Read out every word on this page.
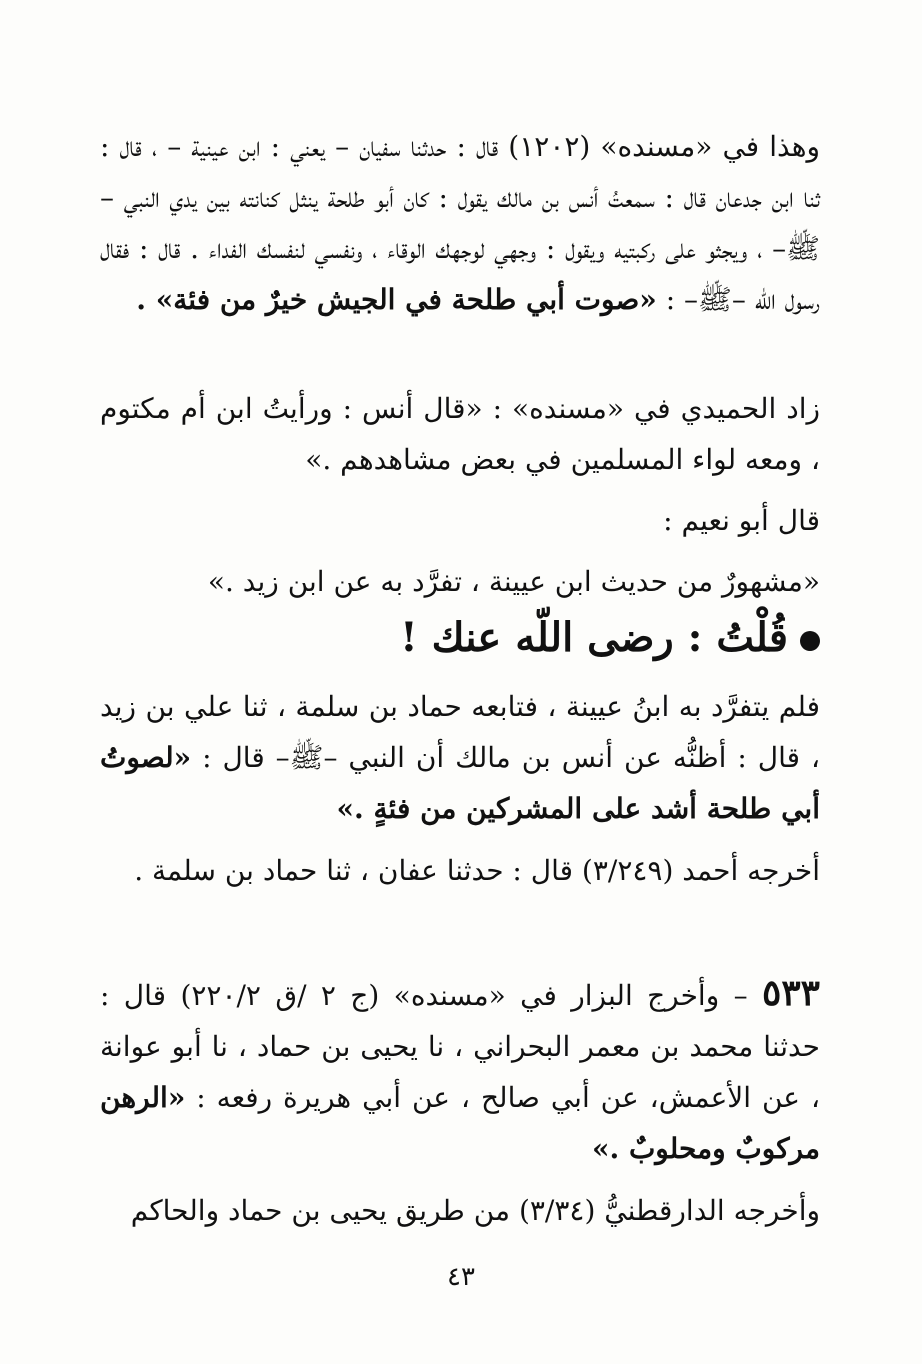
وهذا في «مسنده» (١٢٠٢) قال : حدثنا سفيان – يعني : ابن عينية – ، قال : ثنا ابن جدعان قال : سمعتُ أنس بن مالك يقول : كان أبو طلحة ينثل كنانته بين يدي النبي –ﷺ– ، ويجثو على ركبتيه ويقول : وجهي لوجهك الوقاء ، ونفسي لنفسك الفداء . قال : فقال رسول الله –ﷺ– : «صوت أبي طلحة في الجيش خيرٌ من فئة» .

زاد الحميدي في «مسنده» : «قال أنس : ورأيتُ ابن أم مكتوم ، ومعه لواء المسلمين في بعض مشاهدهم .»

قال أبو نعيم :

«مشهورٌ من حديث ابن عيينة ، تفرَّد به عن ابن زيد .»

قُلْتُ : رضى اللّه عنك !

فلم يتفرَّد به ابنُ عيينة ، فتابعه حماد بن سلمة ، ثنا علي بن زيد ، قال : أظنُّه عن أنس بن مالك أن النبي –ﷺ– قال : «لصوتُ أبي طلحة أشد على المشركين من فئةٍ .»

أخرجه أحمد (٣/٢٤٩) قال : حدثنا عفان ، ثنا حماد بن سلمة .

٥٣٣ – وأخرج البزار في «مسنده» (ج ٢ /ق ٢٢٠/٢) قال : حدثنا محمد بن معمر البحراني ، نا يحيى بن حماد ، نا أبو عوانة ، عن الأعمش، عن أبي صالح ، عن أبي هريرة رفعه : «الرهن مركوبٌ ومحلوبٌ .»

وأخرجه الدارقطنيُّ (٣/٣٤) من طريق يحيى بن حماد والحاكم

٤٣
